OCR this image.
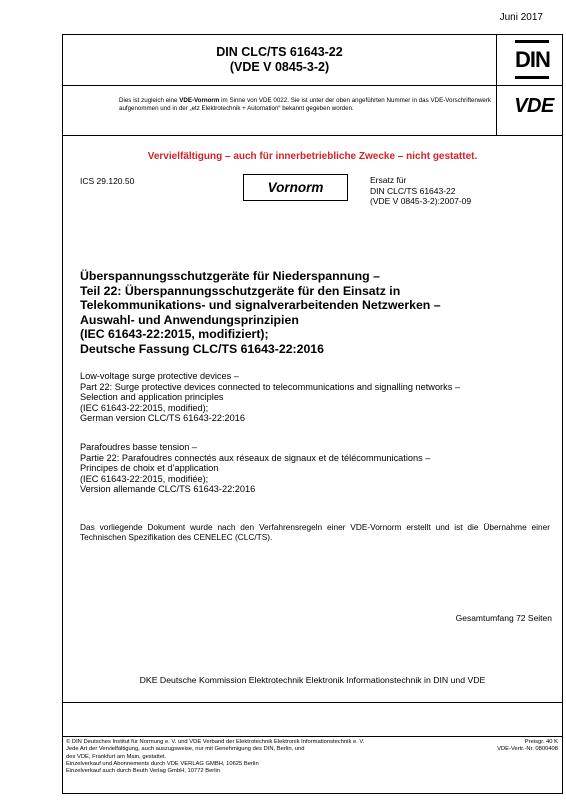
Juni 2017
DIN CLC/TS 61643-22
(VDE V 0845-3-2)	DIN
VDE
Dies ist zugleich eine VDE-Vornorm im Sinne von VDE 0022. Sie ist unter der oben angeführten Nummer in das VDE-Vorschriftenwerk aufgenommen und in der „etz Elektrotechnik + Automation“ bekannt gegeben worden.
Vervielfältigung – auch für innerbetriebliche Zwecke – nicht gestattet.
ICS 29.120.50	Vornorm	Ersatz für
DIN CLC/TS 61643-22
(VDE V 0845-3-2):2007-09
Überspannungsschutzgeräte für Niederspannung –
Teil 22: Überspannungsschutzgeräte für den Einsatz in
Telekommunikations- und signalverarbeitenden Netzwerken –
Auswahl- und Anwendungsprinzipien
(IEC 61643-22:2015, modifiziert);
Deutsche Fassung CLC/TS 61643-22:2016
Low-voltage surge protective devices –
Part 22: Surge protective devices connected to telecommunications and signalling networks –
Selection and application principles
(IEC 61643-22:2015, modified);
German version CLC/TS 61643-22:2016
Parafoudres basse tension –
Partie 22: Parafoudres connectés aux réseaux de signaux et de télécommunications –
Principes de choix et d’application
(IEC 61643-22:2015, modifiée);
Version allemande CLC/TS 61643-22:2016
Das vorliegende Dokument wurde nach den Verfahrensregeln einer VDE-Vornorm erstellt und ist die Übernahme einer Technischen Spezifikation des CENELEC (CLC/TS).
Gesamtumfang 72 Seiten
DKE Deutsche Kommission Elektrotechnik Elektronik Informationstechnik in DIN und VDE
© DIN Deutsches Institut für Normung e. V. und VDE Verband der Elektrotechnik Elektronik Informationstechnik e. V.
Jede Art der Vervielfältigung, auch auszugsweise, nur mit Genehmigung des DIN, Berlin, und
des VDE, Frankfurt am Main, gestattet.
Einzelverkauf und Abonnements durch VDE VERLAG GMBH, 10625 Berlin
Einzelverkauf auch durch Beuth Verlag GmbH, 10772 Berlin
Preisgr. 40 K
VDE-Vertr.-Nr. 0800408
